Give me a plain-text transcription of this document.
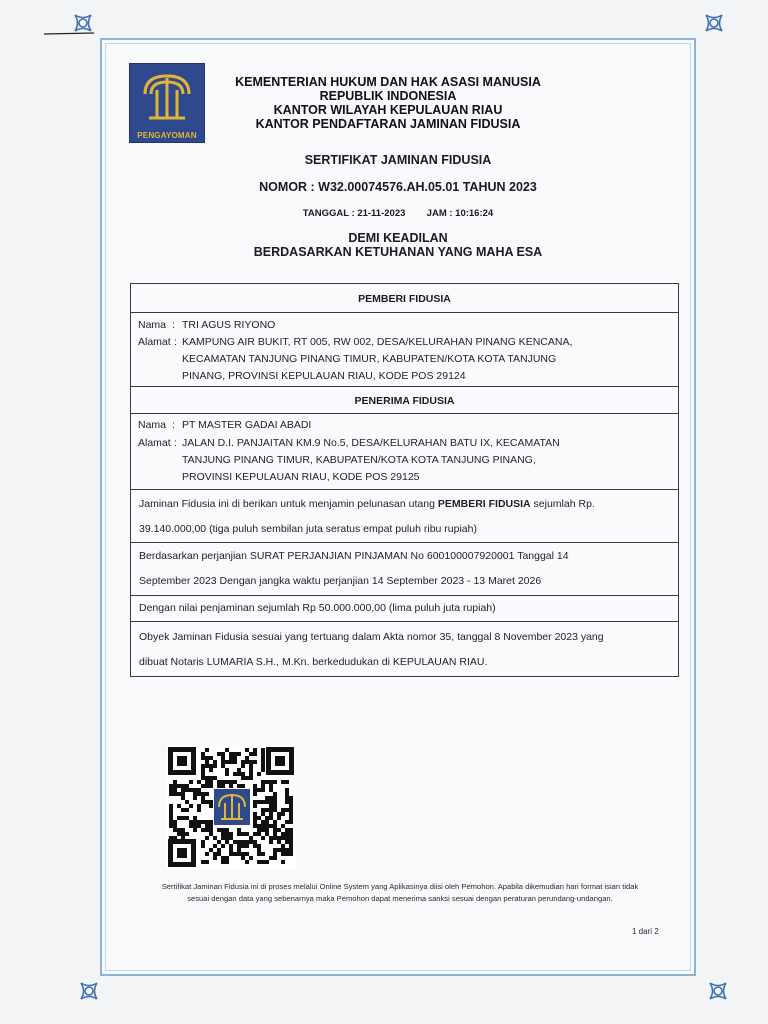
PENGAYOMAN
KEMENTERIAN HUKUM DAN HAK ASASI MANUSIA
REPUBLIK INDONESIA
KANTOR WILAYAH KEPULAUAN RIAU
KANTOR PENDAFTARAN JAMINAN FIDUSIA
SERTIFIKAT JAMINAN FIDUSIA
NOMOR : W32.00074576.AH.05.01 TAHUN 2023
TANGGAL : 21-11-2023 JAM : 10:16:24
DEMI KEADILAN
BERDASARKAN KETUHANAN YANG MAHA ESA
PEMBERI FIDUSIA
Nama : TRI AGUS RIYONO
Alamat : KAMPUNG AIR BUKIT, RT 005, RW 002, DESA/KELURAHAN PINANG KENCANA,
KECAMATAN TANJUNG PINANG TIMUR, KABUPATEN/KOTA KOTA TANJUNG
PINANG, PROVINSI KEPULAUAN RIAU, KODE POS 29124
PENERIMA FIDUSIA
Nama : PT MASTER GADAI ABADI
Alamat : JALAN D.I. PANJAITAN KM.9 No.5, DESA/KELURAHAN BATU IX, KECAMATAN
TANJUNG PINANG TIMUR, KABUPATEN/KOTA KOTA TANJUNG PINANG,
PROVINSI KEPULAUAN RIAU, KODE POS 29125
Jaminan Fidusia ini di berikan untuk menjamin pelunasan utang PEMBERI FIDUSIA sejumlah Rp.
39.140.000,00 (tiga puluh sembilan juta seratus empat puluh ribu rupiah)
Berdasarkan perjanjian SURAT PERJANJIAN PINJAMAN No 600100007920001 Tanggal 14
September 2023 Dengan jangka waktu perjanjian 14 September 2023 - 13 Maret 2026
Dengan nilai penjaminan sejumlah Rp 50.000.000,00 (lima puluh juta rupiah)
Obyek Jaminan Fidusia sesuai yang tertuang dalam Akta nomor 35, tanggal 8 November 2023 yang
dibuat Notaris LUMARIA S.H., M.Kn. berkedudukan di KEPULAUAN RIAU.
Sertifikat Jaminan Fidusia ini di proses melalui Online System yang Aplikasinya diisi oleh Pemohon. Apabila dikemudian hari format isian tidak
sesuai dengan data yang sebenarnya maka Pemohon dapat menerima sanksi sesuai dengan peraturan perundang-undangan.
1 dari 2
